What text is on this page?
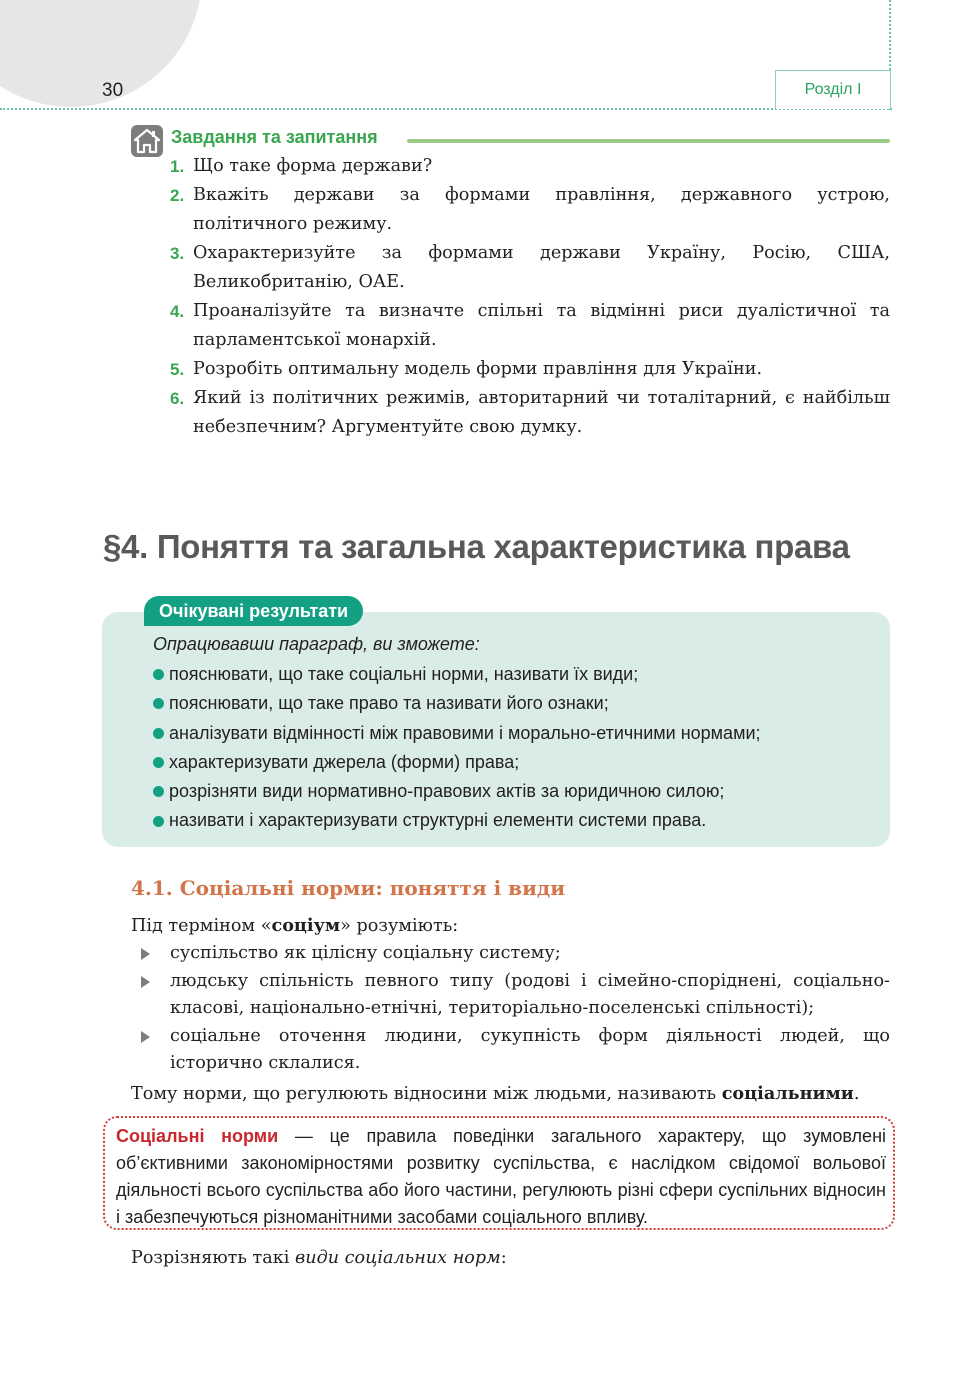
30	Розділ І
Завдання та запитання
1. Що таке форма держави?
2. Вкажіть держави за формами правління, державного устрою, політичного режиму.
3. Охарактеризуйте за формами держави Україну, Росію, США, Великобританію, ОАЕ.
4. Проаналізуйте та визначте спільні та відмінні риси дуалістичної та парламентської монархій.
5. Розробіть оптимальну модель форми правління для України.
6. Який із політичних режимів, авторитарний чи тоталітарний, є найбільш небезпечним? Аргументуйте свою думку.
§4. Поняття та загальна характеристика права
Очікувані результати
Опрацювавши параграф, ви зможете:
пояснювати, що таке соціальні норми, називати їх види;
пояснювати, що таке право та називати його ознаки;
аналізувати відмінності між правовими і морально-етичними нормами;
характеризувати джерела (форми) права;
розрізняти види нормативно-правових актів за юридичною силою;
називати і характеризувати структурні елементи системи права.
4.1. Соціальні норми: поняття і види
Під терміном «соціум» розуміють:
суспільство як цілісну соціальну систему;
людську спільність певного типу (родові і сімейно-споріднені, соціально-класові, національно-етнічні, територіально-поселенські спільності);
соціальне оточення людини, сукупність форм діяльності людей, що історично склалися.
Тому норми, що регулюють відносини між людьми, називають соціальними.
Соціальні норми — це правила поведінки загального характеру, що зумовлені об’єктивними закономірностями розвитку суспільства, є наслідком свідомої вольової діяльності всього суспільства або його частини, регулюють різні сфери суспільних відносин і забезпечуються різноманітними засобами соціального впливу.
Розрізняють такі види соціальних норм:
